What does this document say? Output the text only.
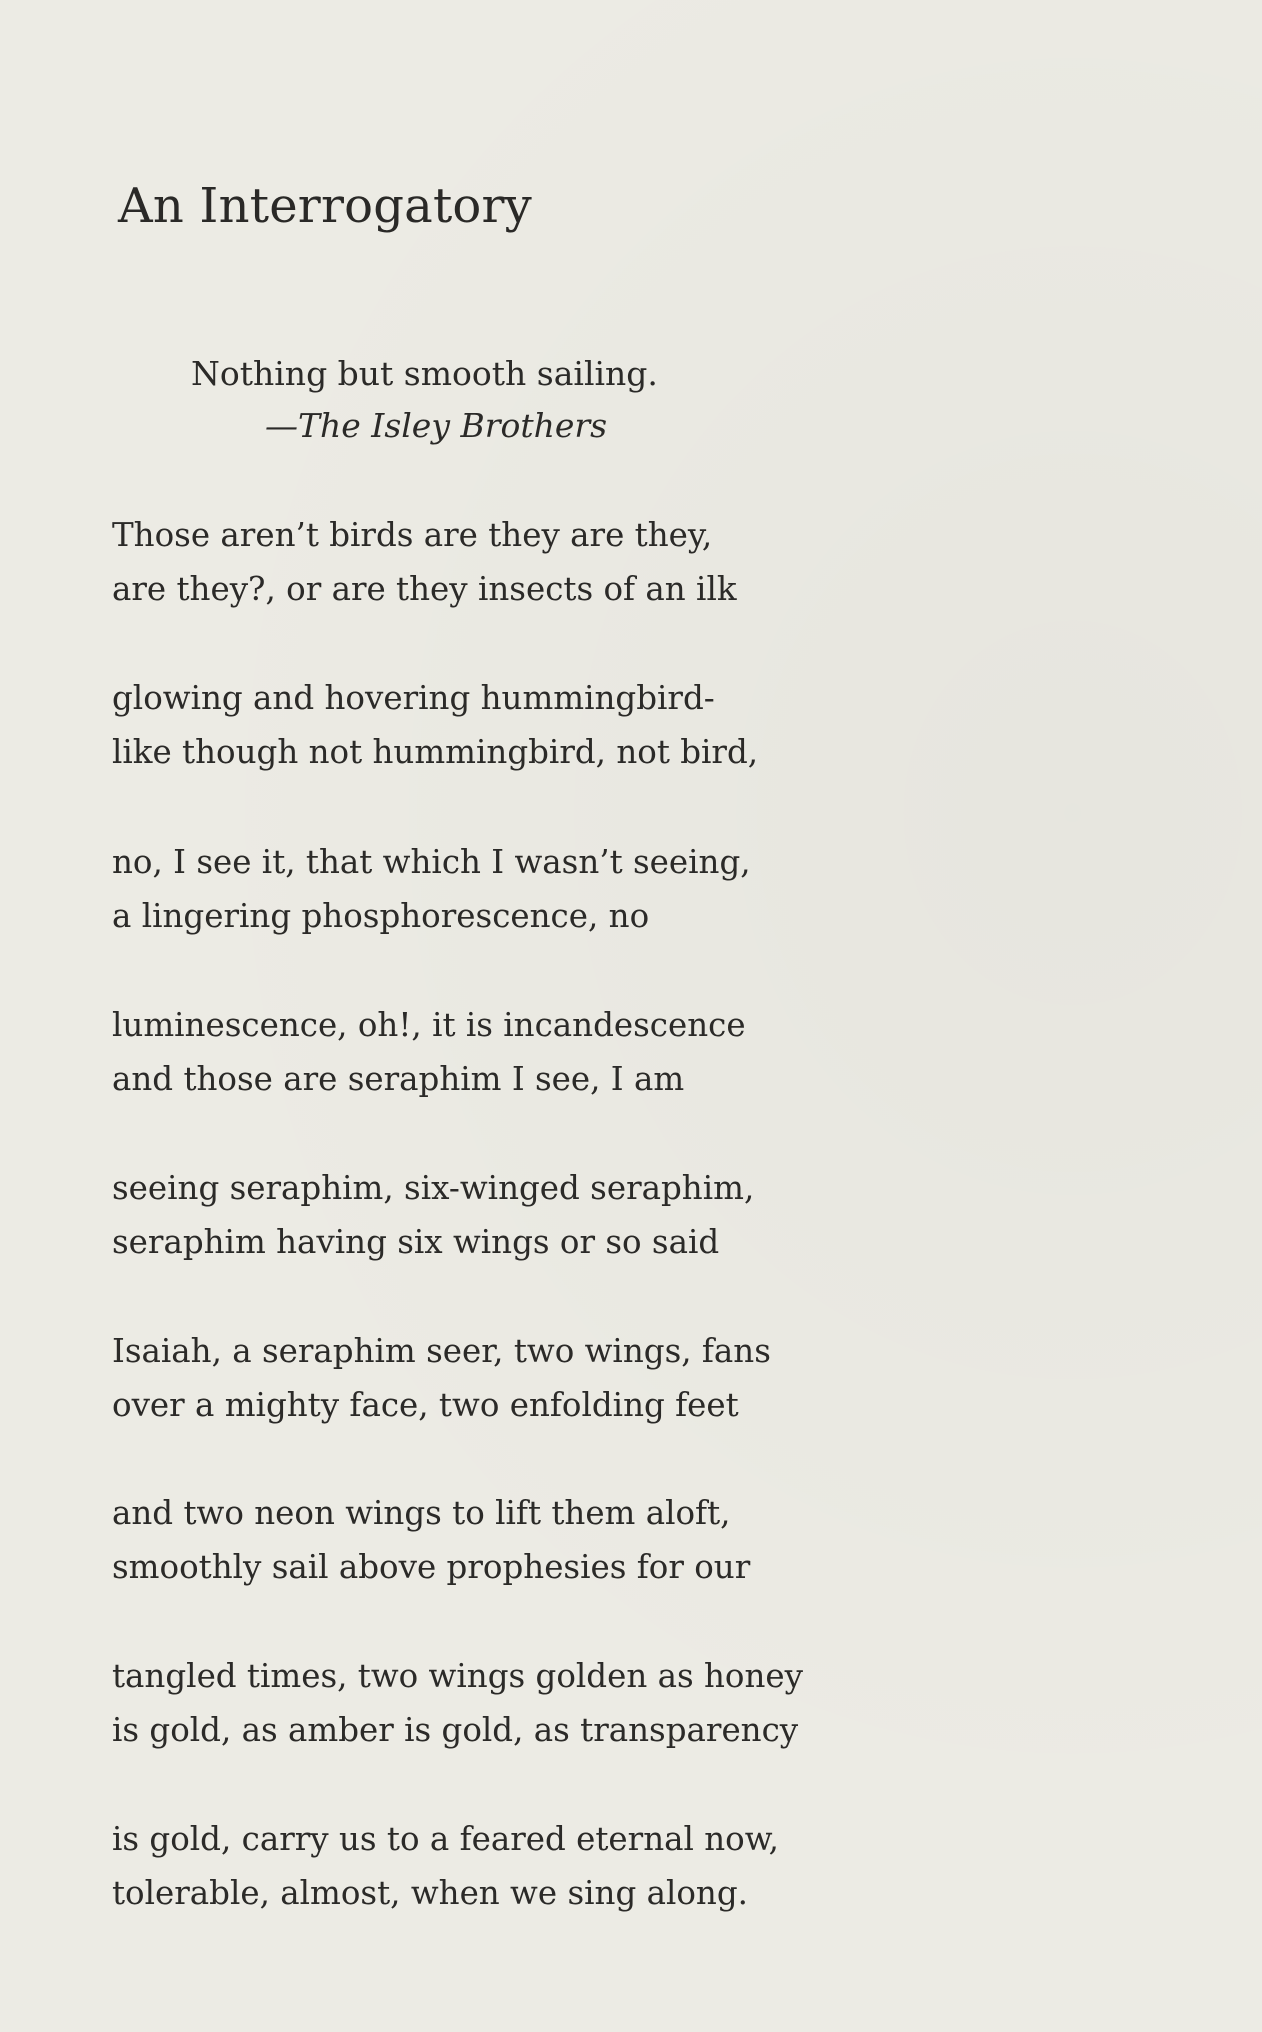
An Interrogatory
Nothing but smooth sailing.
—The Isley Brothers
Those aren’t birds are they are they,
are they?, or are they insects of an ilk
glowing and hovering hummingbird-
like though not hummingbird, not bird,
no, I see it, that which I wasn’t seeing,
a lingering phosphorescence, no
luminescence, oh!, it is incandescence
and those are seraphim I see, I am
seeing seraphim, six-winged seraphim,
seraphim having six wings or so said
Isaiah, a seraphim seer, two wings, fans
over a mighty face, two enfolding feet
and two neon wings to lift them aloft,
smoothly sail above prophesies for our
tangled times, two wings golden as honey
is gold, as amber is gold, as transparency
is gold, carry us to a feared eternal now,
tolerable, almost, when we sing along.
